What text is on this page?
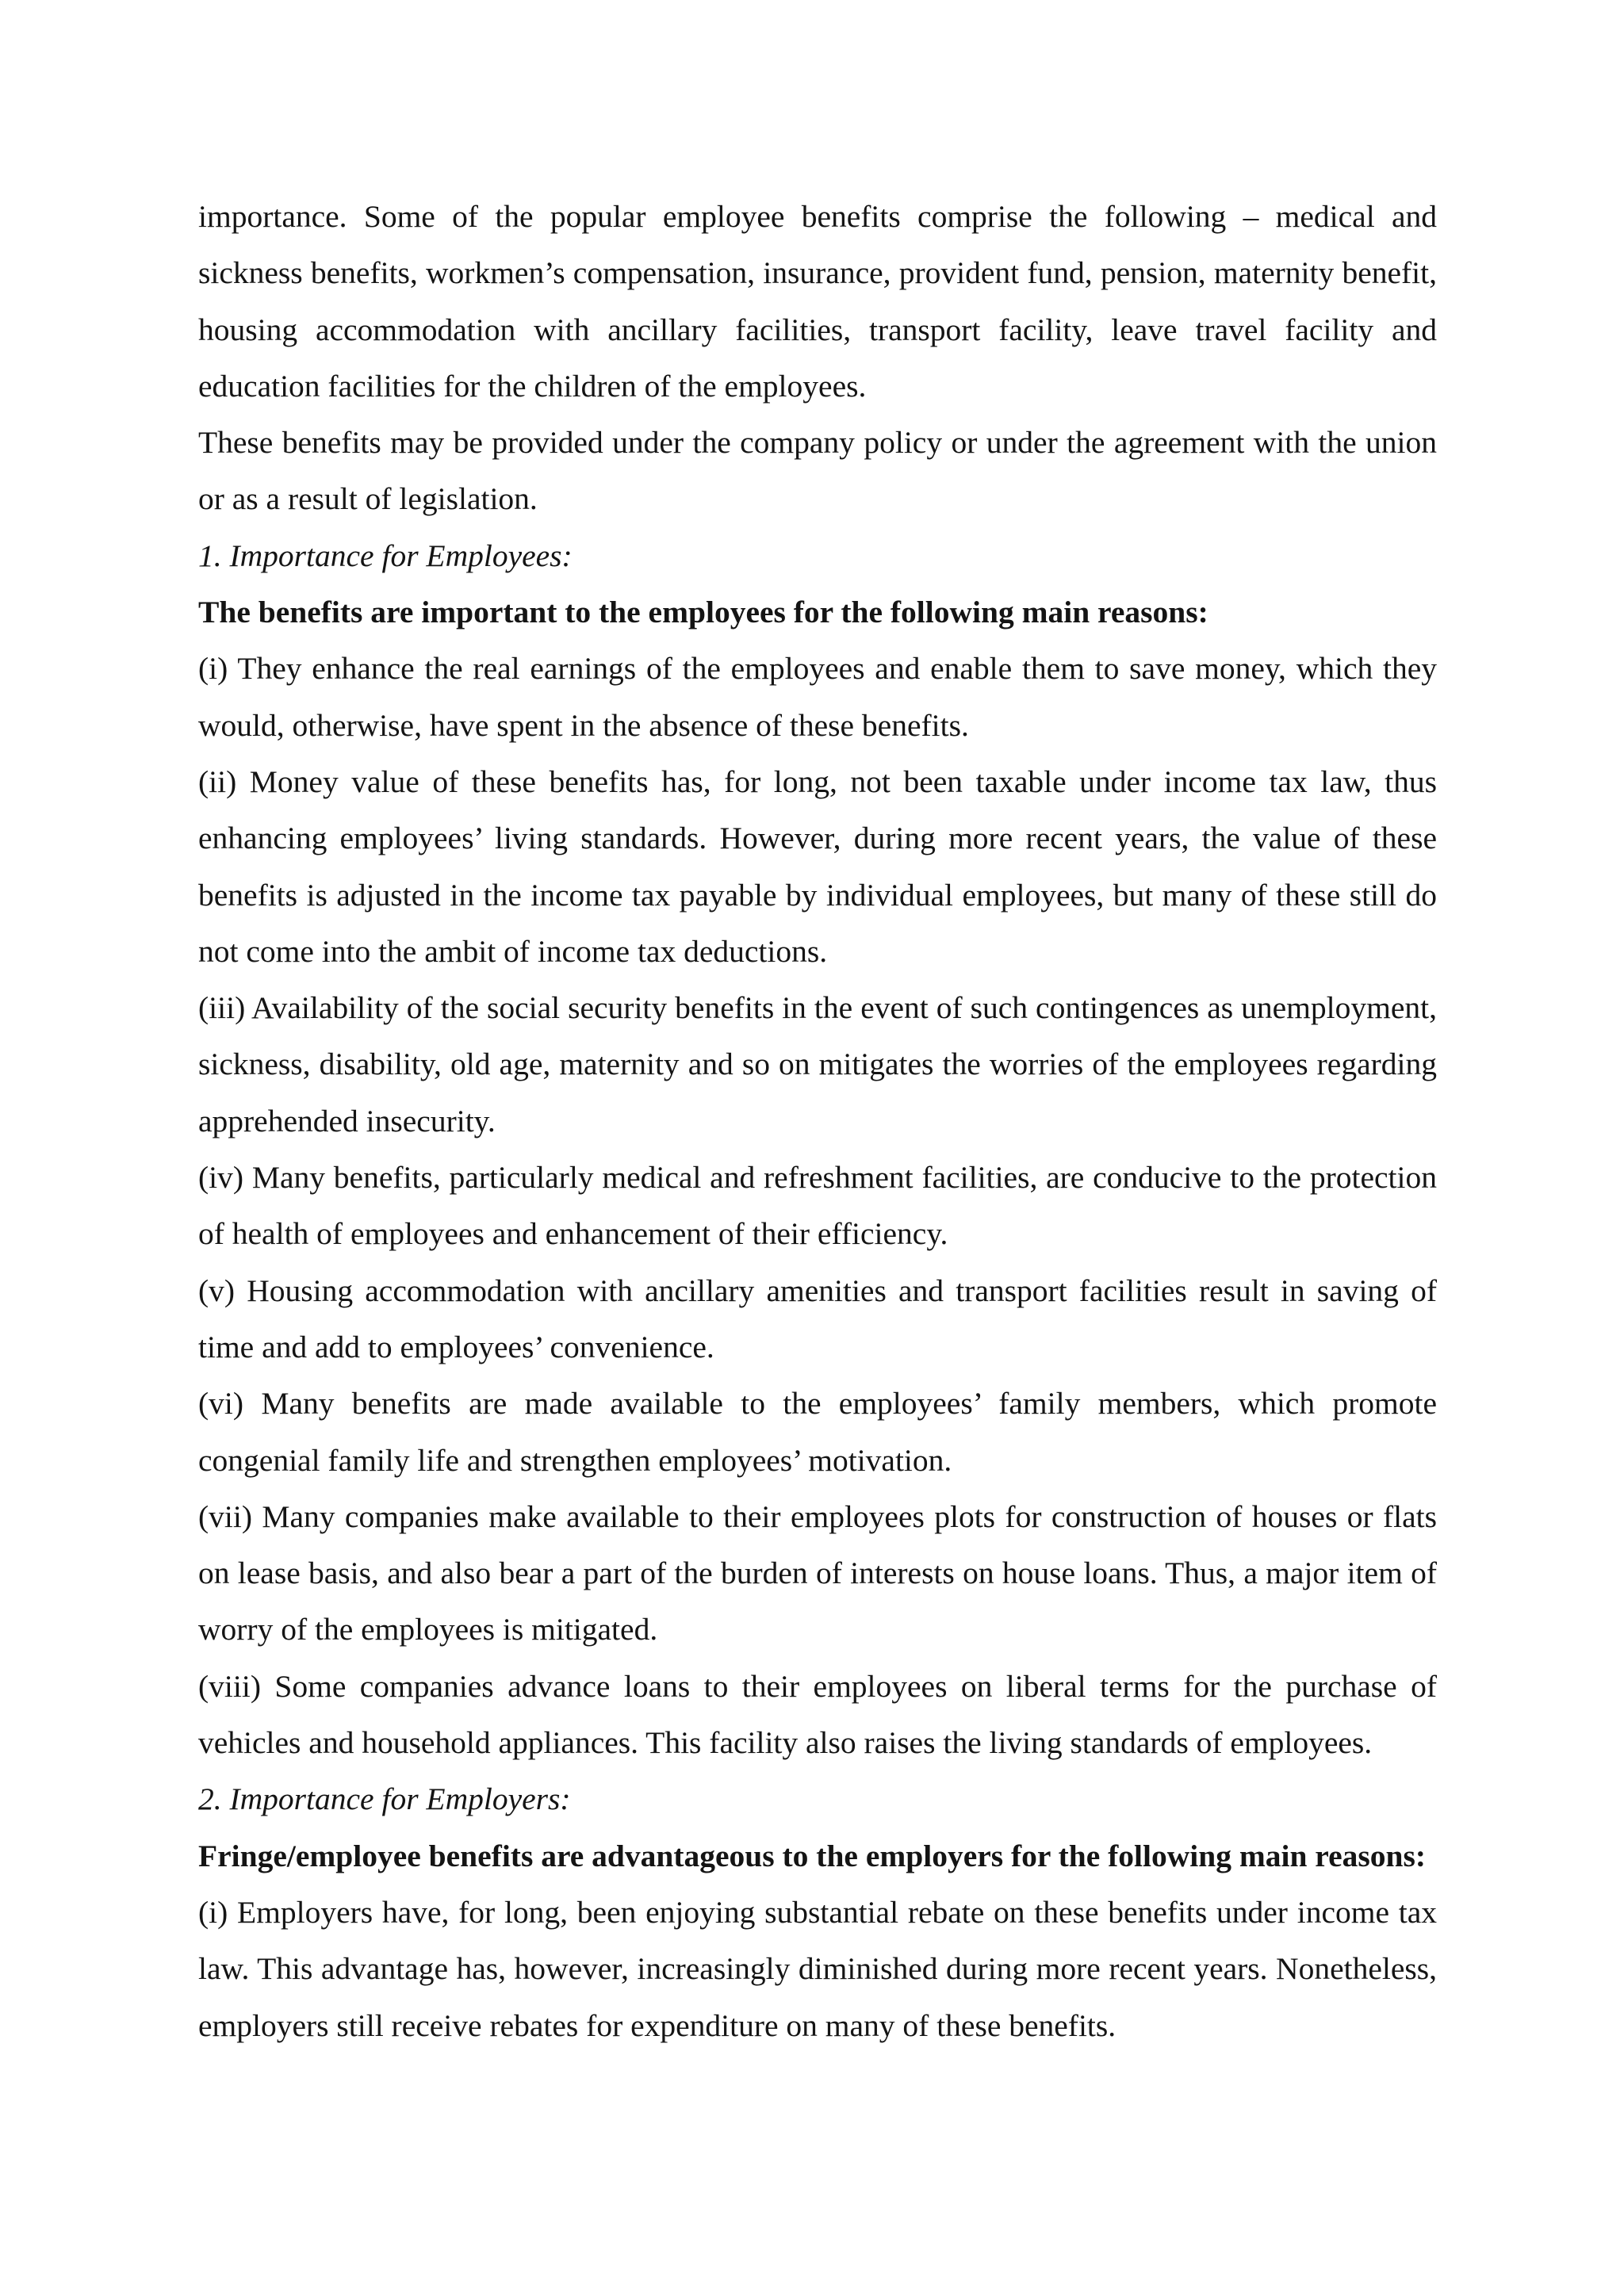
importance. Some of the popular employee benefits comprise the following – medical and sickness benefits, workmen’s compensation, insurance, provident fund, pension, maternity benefit, housing accommodation with ancillary facilities, transport facility, leave travel facility and education facilities for the children of the employees.

These benefits may be provided under the company policy or under the agreement with the union or as a result of legislation.

1. Importance for Employees:

The benefits are important to the employees for the following main reasons:

(i) They enhance the real earnings of the employees and enable them to save money, which they would, otherwise, have spent in the absence of these benefits.

(ii) Money value of these benefits has, for long, not been taxable under income tax law, thus enhancing employees’ living standards. However, during more recent years, the value of these benefits is adjusted in the income tax payable by individual employees, but many of these still do not come into the ambit of income tax deductions.

(iii) Availability of the social security benefits in the event of such contingences as unemployment, sickness, disability, old age, maternity and so on mitigates the worries of the employees regarding apprehended insecurity.

(iv) Many benefits, particularly medical and refreshment facilities, are conducive to the protection of health of employees and enhancement of their efficiency.

(v) Housing accommodation with ancillary amenities and transport facilities result in saving of time and add to employees’ convenience.

(vi) Many benefits are made available to the employees’ family members, which promote congenial family life and strengthen employees’ motivation.

(vii) Many companies make available to their employees plots for construction of houses or flats on lease basis, and also bear a part of the burden of interests on house loans. Thus, a major item of worry of the employees is mitigated.

(viii) Some companies advance loans to their employees on liberal terms for the purchase of vehicles and household appliances. This facility also raises the living standards of employees.

2. Importance for Employers:

Fringe/employee benefits are advantageous to the employers for the following main reasons:

(i) Employers have, for long, been enjoying substantial rebate on these benefits under income tax law. This advantage has, however, increasingly diminished during more recent years. Nonetheless, employers still receive rebates for expenditure on many of these benefits.
